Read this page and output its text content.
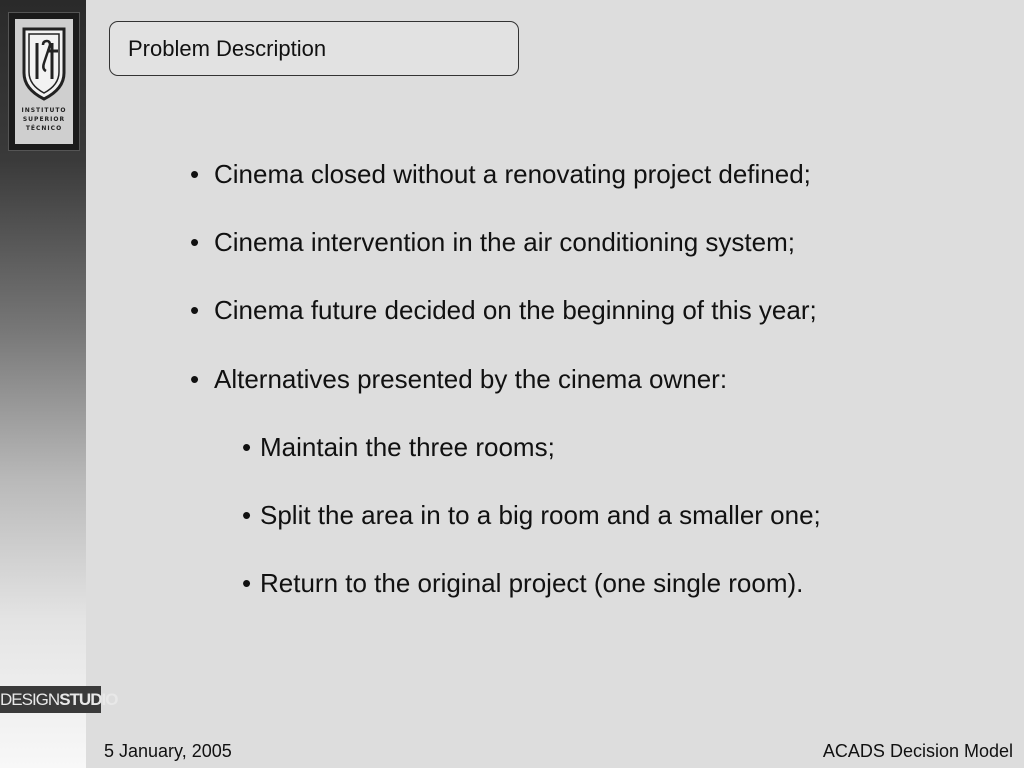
INSTITUTO
SUPERIOR
TÉCNICO
DESIGNSTUDIO
Problem Description
• Cinema closed without a renovating project defined;
• Cinema intervention in the air conditioning system;
• Cinema future decided on the beginning of this year;
• Alternatives presented by the cinema owner:
• Maintain the three rooms;
• Split the area in to a big room and a smaller one;
• Return to the original project (one single room).
5 January, 2005	ACADS Decision Model
